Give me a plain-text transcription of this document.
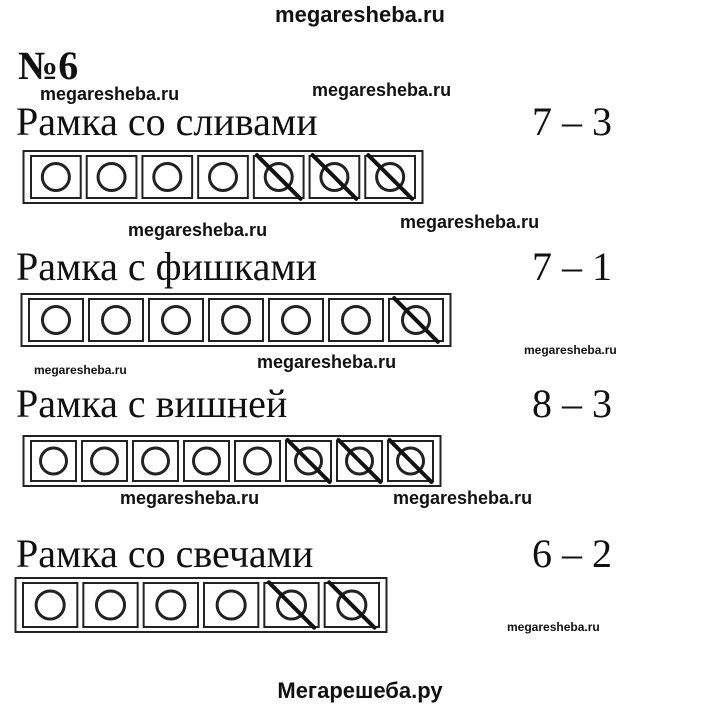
megaresheba.ru
megaresheba.ru	megaresheba.ru
megaresheba.ru
megaresheba.ru
megaresheba.ru
megaresheba.ru
megaresheba.ru
megaresheba.ru	megaresheba.ru
megaresheba.ru
Мегарешеба.ру
№6
Рамка со сливами	7 – 3
Рамка с фишками	7 – 1
Рамка с вишней	8 – 3
Рамка со свечами	6 – 2
